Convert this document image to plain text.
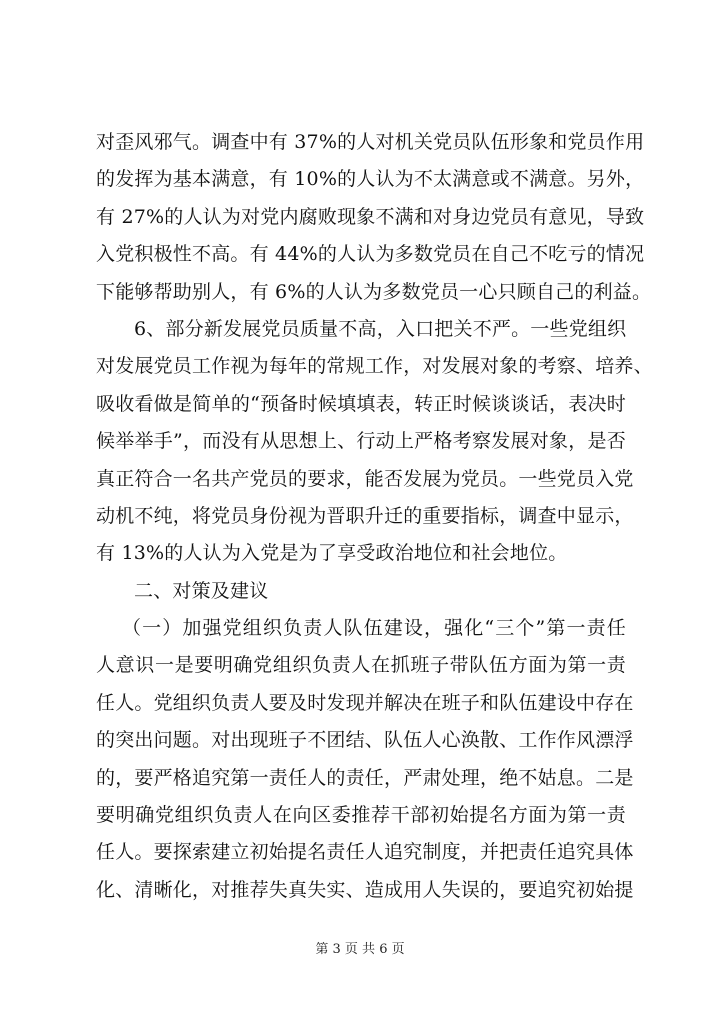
对歪风邪气。调查中有 37%的人对机关党员队伍形象和党员作用
的发挥为基本满意，有 10%的人认为不太满意或不满意。另外，
有 27%的人认为对党内腐败现象不满和对身边党员有意见，导致
入党积极性不高。有 44%的人认为多数党员在自己不吃亏的情况
下能够帮助别人，有 6%的人认为多数党员一心只顾自己的利益。
6、部分新发展党员质量不高，入口把关不严。一些党组织
对发展党员工作视为每年的常规工作，对发展对象的考察、培养、
吸收看做是简单的“预备时候填填表，转正时候谈谈话，表决时
候举举手”，而没有从思想上、行动上严格考察发展对象，是否
真正符合一名共产党员的要求，能否发展为党员。一些党员入党
动机不纯，将党员身份视为晋职升迁的重要指标，调查中显示，
有 13%的人认为入党是为了享受政治地位和社会地位。
二、对策及建议
（一）加强党组织负责人队伍建设，强化“三个”第一责任
人意识一是要明确党组织负责人在抓班子带队伍方面为第一责
任人。党组织负责人要及时发现并解决在班子和队伍建设中存在
的突出问题。对出现班子不团结、队伍人心涣散、工作作风漂浮
的，要严格追究第一责任人的责任，严肃处理，绝不姑息。二是
要明确党组织负责人在向区委推荐干部初始提名方面为第一责
任人。要探索建立初始提名责任人追究制度，并把责任追究具体
化、清晰化，对推荐失真失实、造成用人失误的，要追究初始提
第 3 页 共 6 页
